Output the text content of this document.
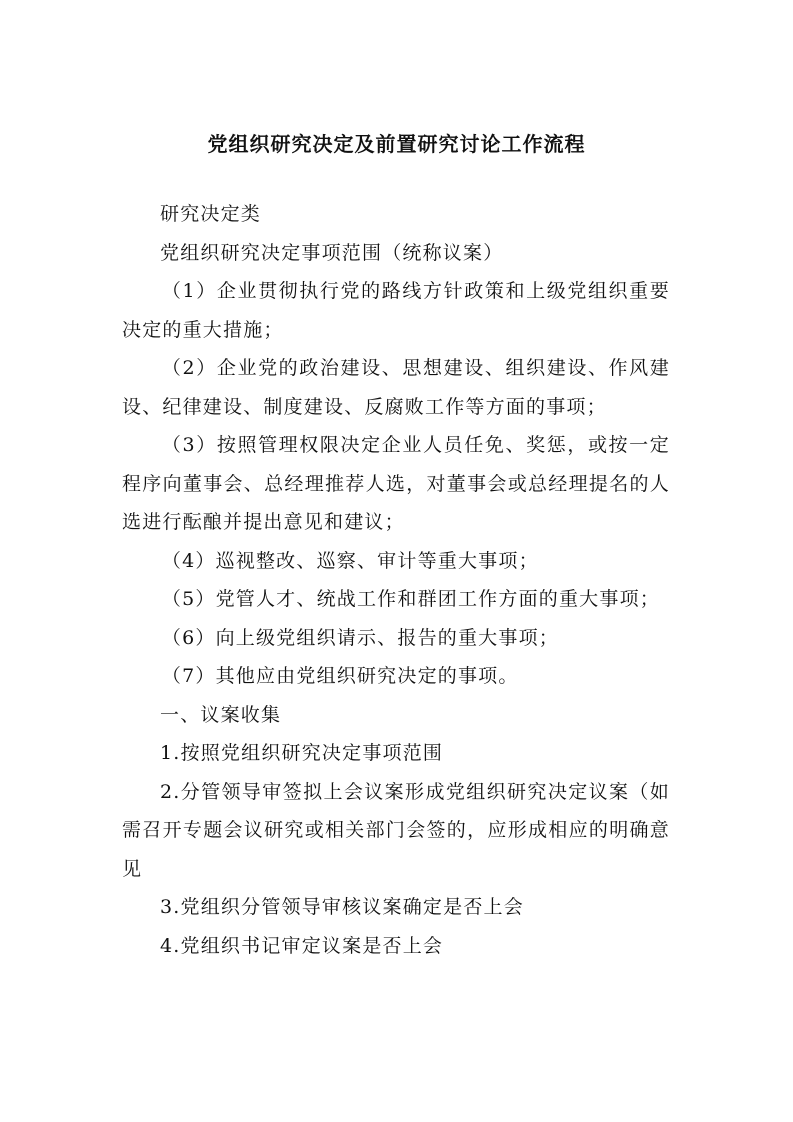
党组织研究决定及前置研究讨论工作流程

研究决定类

党组织研究决定事项范围（统称议案）

（1）企业贯彻执行党的路线方针政策和上级党组织重要决定的重大措施；

（2）企业党的政治建设、思想建设、组织建设、作风建设、纪律建设、制度建设、反腐败工作等方面的事项；

（3）按照管理权限决定企业人员任免、奖惩，或按一定程序向董事会、总经理推荐人选，对董事会或总经理提名的人选进行酝酿并提出意见和建议；

（4）巡视整改、巡察、审计等重大事项；

（5）党管人才、统战工作和群团工作方面的重大事项；

（6）向上级党组织请示、报告的重大事项；

（7）其他应由党组织研究决定的事项。

一、议案收集

1.按照党组织研究决定事项范围

2.分管领导审签拟上会议案形成党组织研究决定议案（如需召开专题会议研究或相关部门会签的，应形成相应的明确意见

3.党组织分管领导审核议案确定是否上会

4.党组织书记审定议案是否上会
